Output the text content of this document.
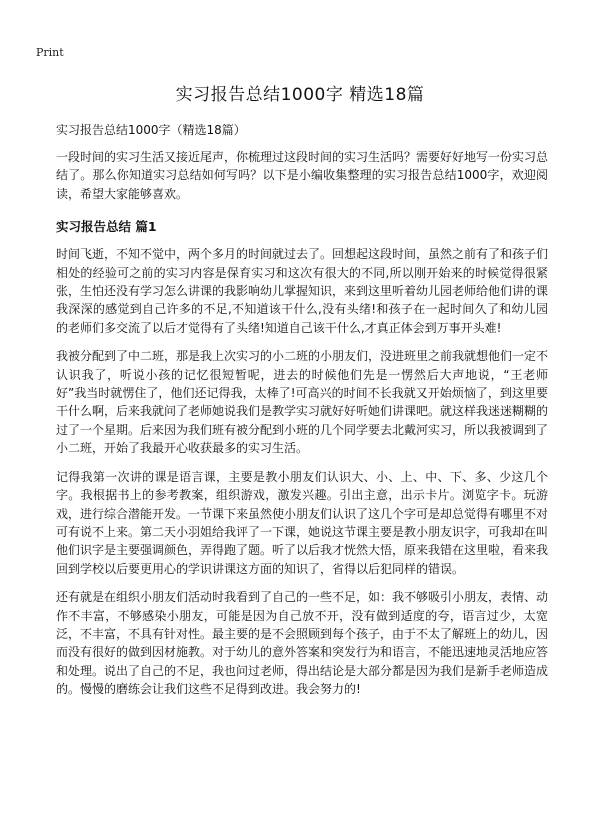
Print
实习报告总结1000字 精选18篇

实习报告总结1000字（精选18篇）

一段时间的实习生活又接近尾声，你梳理过这段时间的实习生活吗？需要好好地写一份实习总结了。那么你知道实习总结如何写吗？以下是小编收集整理的实习报告总结1000字，欢迎阅读，希望大家能够喜欢。

实习报告总结 篇1

时间飞逝，不知不觉中，两个多月的时间就过去了。回想起这段时间，虽然之前有了和孩子们相处的经验可之前的实习内容是保育实习和这次有很大的不同,所以刚开始来的时候觉得很紧张，生怕还没有学习怎么讲课的我影响幼儿掌握知识，来到这里听着幼儿园老师给他们讲的课我深深的感觉到自己许多的不足,不知道该干什么,没有头绪!和孩子在一起时间久了和幼儿园的老师们多交流了以后才觉得有了头绪!知道自己该干什么,才真正体会到万事开头难!

我被分配到了中二班，那是我上次实习的小二班的小朋友们，没进班里之前我就想他们一定不认识我了，听说小孩的记忆很短暂呢，进去的时候他们先是一愣然后大声地说，“王老师好”我当时就愣住了，他们还记得我，太棒了!可高兴的时间不长我就又开始烦恼了，到这里要干什么啊，后来我就问了老师她说我们是教学实习就好好听她们讲课吧。就这样我迷迷糊糊的过了一个星期。后来因为我们班有被分配到小班的几个同学要去北戴河实习，所以我被调到了小二班，开始了我最开心收获最多的实习生活。

记得我第一次讲的课是语言课，主要是教小朋友们认识大、小、上、中、下、多、少这几个字。我根据书上的参考教案，组织游戏，激发兴趣。引出主意，出示卡片。浏览字卡。玩游戏，进行综合潜能开发。一节课下来虽然使小朋友们认识了这几个字可是却总觉得有哪里不对可有说不上来。第二天小羽姐给我评了一下课，她说这节课主要是教小朋友识字，可我却在叫他们识字是主要强调颜色，弄得跑了题。听了以后我才恍然大悟，原来我错在这里啦，看来我回到学校以后要更用心的学识讲课这方面的知识了，省得以后犯同样的错误。

还有就是在组织小朋友们活动时我看到了自己的一些不足，如：我不够吸引小朋友，表情、动作不丰富，不够感染小朋友，可能是因为自己放不开，没有做到适度的夸，语言过少，太宽泛，不丰富，不具有针对性。最主要的是不会照顾到每个孩子，由于不太了解班上的幼儿，因而没有很好的做到因材施教。对于幼儿的意外答案和突发行为和语言，不能迅速地灵活地应答和处理。说出了自己的不足，我也问过老师，得出结论是大部分都是因为我们是新手老师造成的。慢慢的磨练会让我们这些不足得到改进。我会努力的!
